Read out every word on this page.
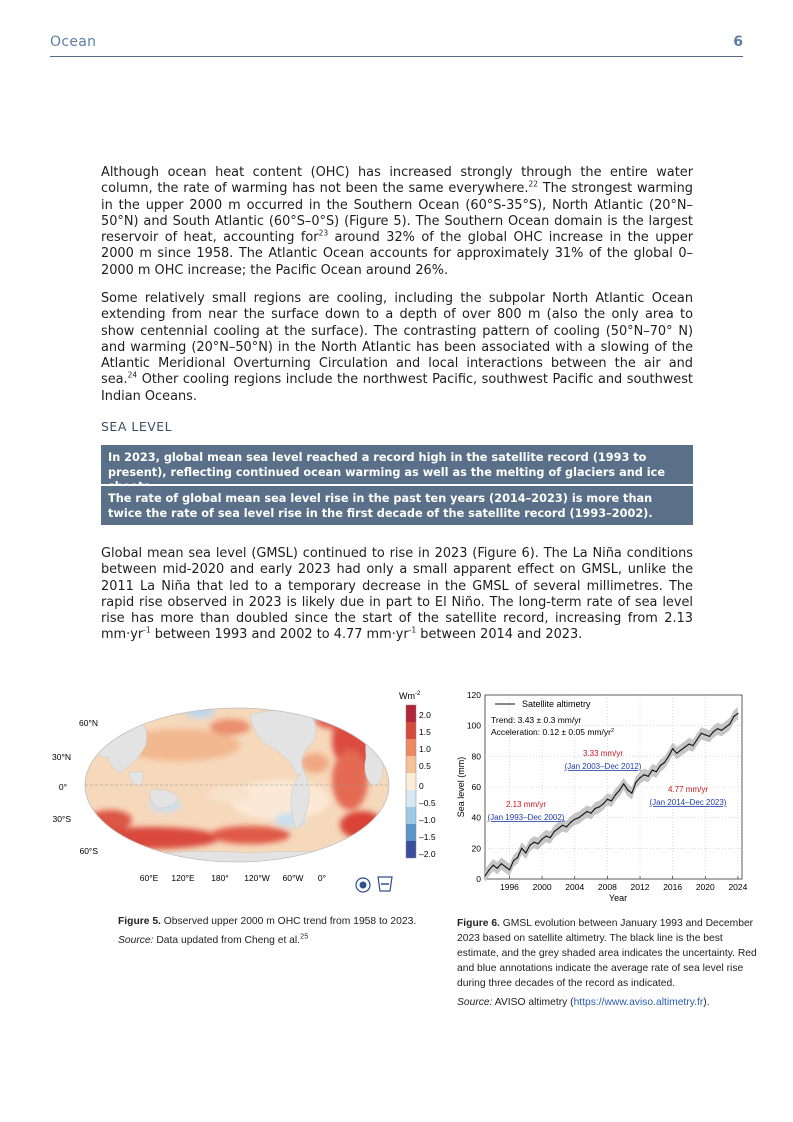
Ocean	6

Although ocean heat content (OHC) has increased strongly through the entire water column, the rate of warming has not been the same everywhere.$^{22}$ The strongest warming in the upper 2000 m occurred in the Southern Ocean (60°S-35°S), North Atlantic (20°N–50°N) and South Atlantic (60°S–0°S) (Figure 5). The Southern Ocean domain is the largest reservoir of heat, accounting for$^{23}$ around 32% of the global OHC increase in the upper 2000 m since 1958. The Atlantic Ocean accounts for approximately 31% of the global 0–2000 m OHC increase; the Pacific Ocean around 26%.

Some relatively small regions are cooling, including the subpolar North Atlantic Ocean extending from near the surface down to a depth of over 800 m (also the only area to show centennial cooling at the surface). The contrasting pattern of cooling (50°N–70° N) and warming (20°N–50°N) in the North Atlantic has been associated with a slowing of the Atlantic Meridional Overturning Circulation and local interactions between the air and sea.$^{24}$ Other cooling regions include the northwest Pacific, southwest Pacific and southwest Indian Oceans.

SEA LEVEL
In 2023, global mean sea level reached a record high in the satellite record (1993 to present), reflecting continued ocean warming as well as the melting of glaciers and ice
The rate of global mean sea level rise in the past ten years (2014–2023) is more than twice the rate of sea level rise in the first decade of the satellite record (1993–2002).

Global mean sea level (GMSL) continued to rise in 2023 (Figure 6). The La Niña conditions between mid-2020 and early 2023 had only a small apparent effect on GMSL, unlike the 2011 La Niña that led to a temporary decrease in the GMSL of several millimetres. The rapid rise observed in 2023 is likely due in part to El Niño. The long-term rate of sea level rise has more than doubled since the start of the satellite record, increasing from 2.13 $mm\cdot yr^{-1}$ between 1993 and 2002 to 4.77 $mm\cdot yr^{-1}$ between 2014 and 2023.

60°N
30°N
0°
30°S
60°S
60°E 120°E 180° 120°W 60°W 0°
$Wm^{-2}$
2.0
1.5
1.0
0.5
0
–0.5
–1.0
–1.5
–2.0
0
20
40
60
80
100
120
1996 2000 2004 2008 2012 2016 2020 2024
Year
Sea level (mm)
Satellite altimetry
Trend: 3.43 ± 0.3 mm/yr
Acceleration: 0.12 ± 0.05 $mm/yr^2$
2.13 mm/yr
(Jan 1993–Dec 2002)
3.33 mm/yr
(Jan 2003–Dec 2012)
4.77 mm/yr
(Jan 2014–Dec 2023)
Figure 5. Observed upper 2000 m OHC trend from 1958 to 2023.
Source: Data updated from Cheng et al.$^{25}$
Figure 6. GMSL evolution between January 1993 and December 2023 based on satellite altimetry. The black line is the best estimate, and the grey shaded area indicates the uncertainty. Red and blue annotations indicate the average rate of sea level rise during three decades of the record as indicated.
Source: AVISO altimetry (https://www.aviso.altimetry.fr).
